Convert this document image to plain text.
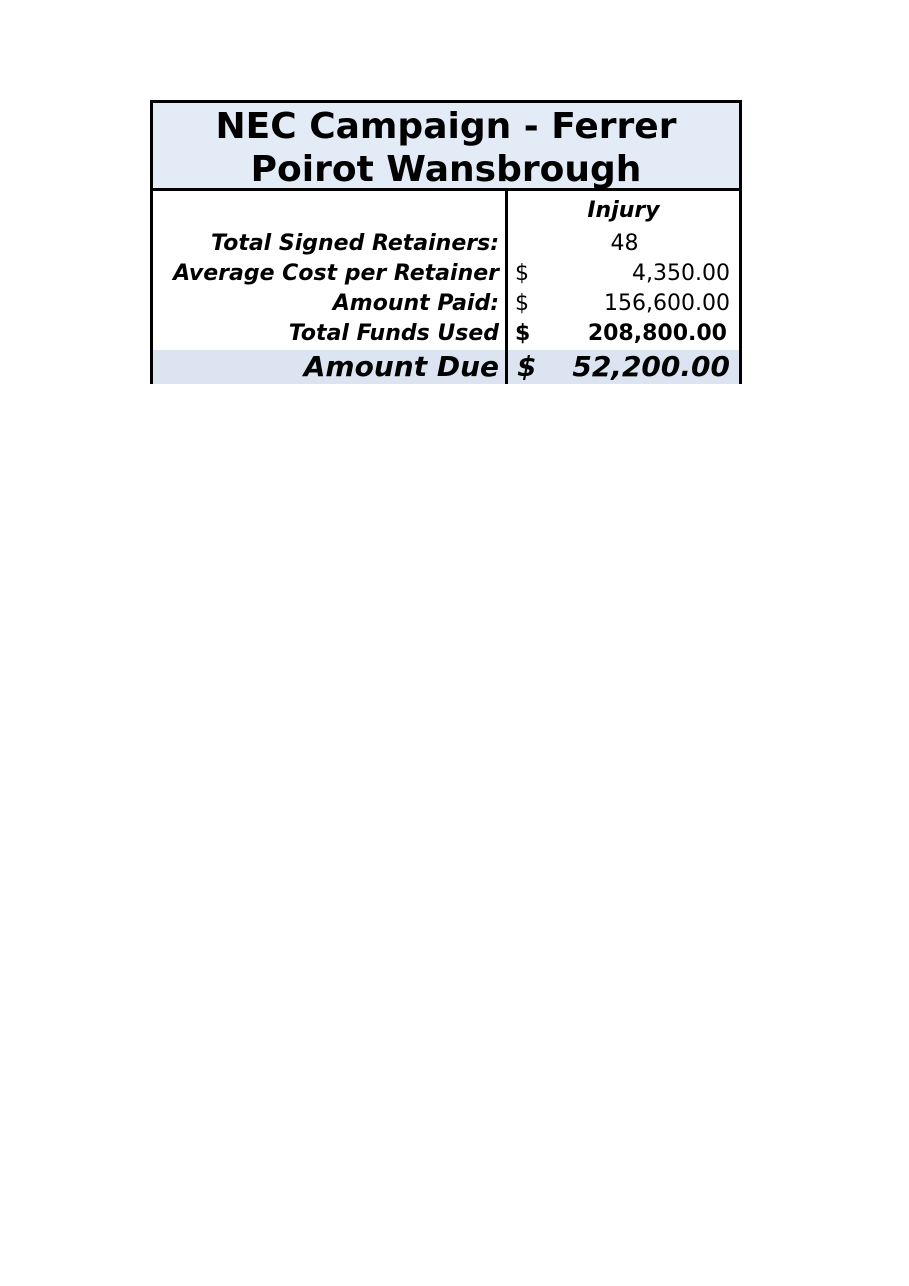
NEC Campaign - Ferrer
Poirot Wansbrough
Injury
Total Signed Retainers:	48
Average Cost per Retainer $	4,350.00
Amount Paid: $	156,600.00
Total Funds Used $	208,800.00
Amount Due $ 52,200.00
